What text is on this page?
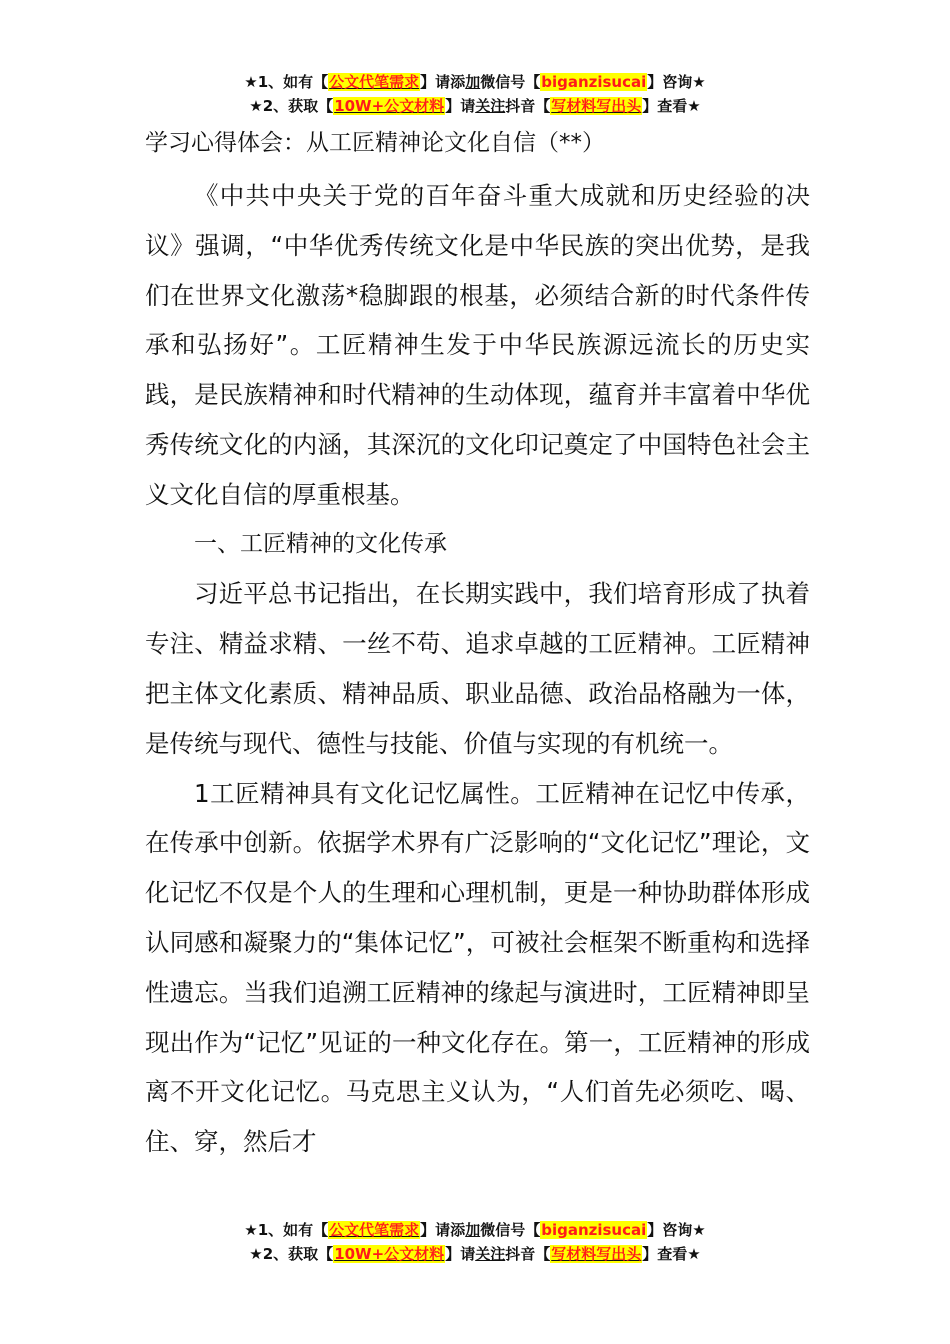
★1、如有【公文代笔需求】请添加微信号【biganzisucai】咨询★
★2、获取【10W+公文材料】请关注抖音【写材料写出头】查看★
学习心得体会：从工匠精神论文化自信（**）

《中共中央关于党的百年奋斗重大成就和历史经验的决议》强调，“中华优秀传统文化是中华民族的突出优势，是我们在世界文化激荡*稳脚跟的根基，必须结合新的时代条件传承和弘扬好”。工匠精神生发于中华民族源远流长的历史实践，是民族精神和时代精神的生动体现，蕴育并丰富着中华优秀传统文化的内涵，其深沉的文化印记奠定了中国特色社会主义文化自信的厚重根基。

一、工匠精神的文化传承

习近平总书记指出，在长期实践中，我们培育形成了执着专注、精益求精、一丝不苟、追求卓越的工匠精神。工匠精神把主体文化素质、精神品质、职业品德、政治品格融为一体，是传统与现代、德性与技能、价值与实现的有机统一。

1工匠精神具有文化记忆属性。工匠精神在记忆中传承，在传承中创新。依据学术界有广泛影响的“文化记忆”理论，文化记忆不仅是个人的生理和心理机制，更是一种协助群体形成认同感和凝聚力的“集体记忆”，可被社会框架不断重构和选择性遗忘。当我们追溯工匠精神的缘起与演进时，工匠精神即呈现出作为“记忆”见证的一种文化存在。第一，工匠精神的形成离不开文化记忆。马克思主义认为，“人们首先必须吃、喝、住、穿，然后才

★1、如有【公文代笔需求】请添加微信号【biganzisucai】咨询★
★2、获取【10W+公文材料】请关注抖音【写材料写出头】查看★
